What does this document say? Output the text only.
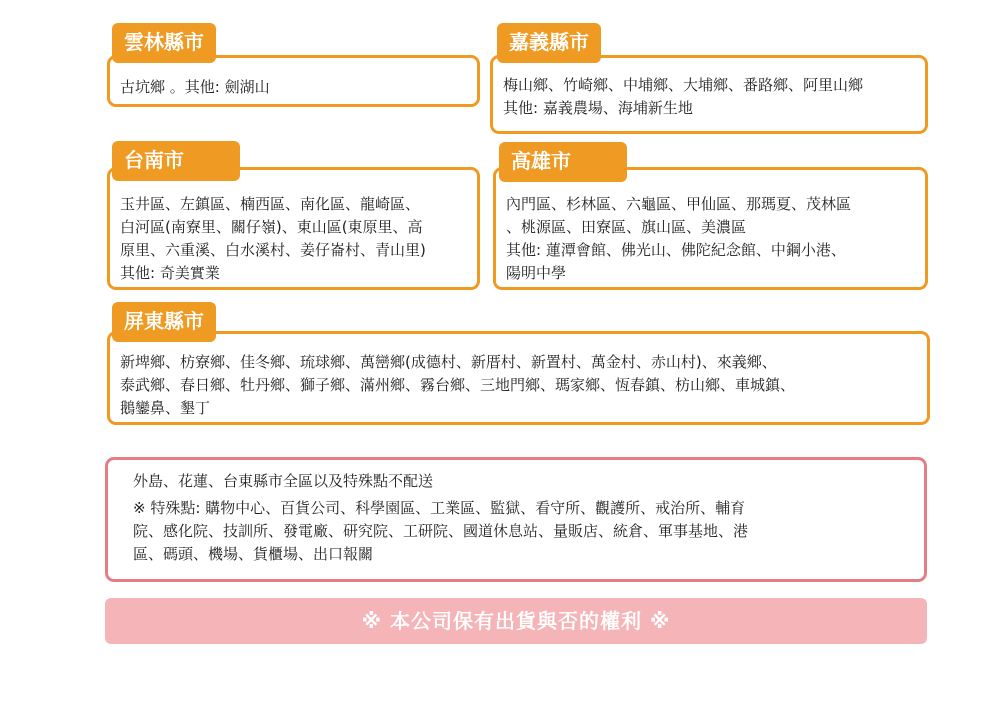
古坑鄉 。其他: 劍湖山

雲林縣市

梅山鄉、竹崎鄉、中埔鄉、大埔鄉、番路鄉、阿里山鄉

其他: 嘉義農場、海埔新生地

嘉義縣市

玉井區、左鎮區、楠西區、南化區、龍崎區、

白河區(南寮里、關仔嶺)、東山區(東原里、高

原里、六重溪、白水溪村、姜仔崙村、青山里)

其他: 奇美實業

台南市

內門區、杉林區、六龜區、甲仙區、那瑪夏、茂林區

、桃源區、田寮區、旗山區、美濃區

其他: 蓮潭會館、佛光山、佛陀紀念館、中鋼小港、

陽明中學

高雄市

新埤鄉、枋寮鄉、佳冬鄉、琉球鄉、萬巒鄉(成德村、新厝村、新置村、萬金村、赤山村)、來義鄉、

泰武鄉、春日鄉、牡丹鄉、獅子鄉、滿州鄉、霧台鄉、三地門鄉、瑪家鄉、恆春鎮、枋山鄉、車城鎮、

鵝鑾鼻、墾丁

屏東縣市

外島、花蓮、台東縣市全區以及特殊點不配送

※ 特殊點: 購物中心、百貨公司、科學園區、工業區、監獄、看守所、觀護所、戒治所、輔育

院、感化院、技訓所、發電廠、研究院、工研院、國道休息站、量販店、統倉、軍事基地、港

區、碼頭、機場、貨櫃場、出口報關

※ 本公司保有出貨與否的權利 ※
